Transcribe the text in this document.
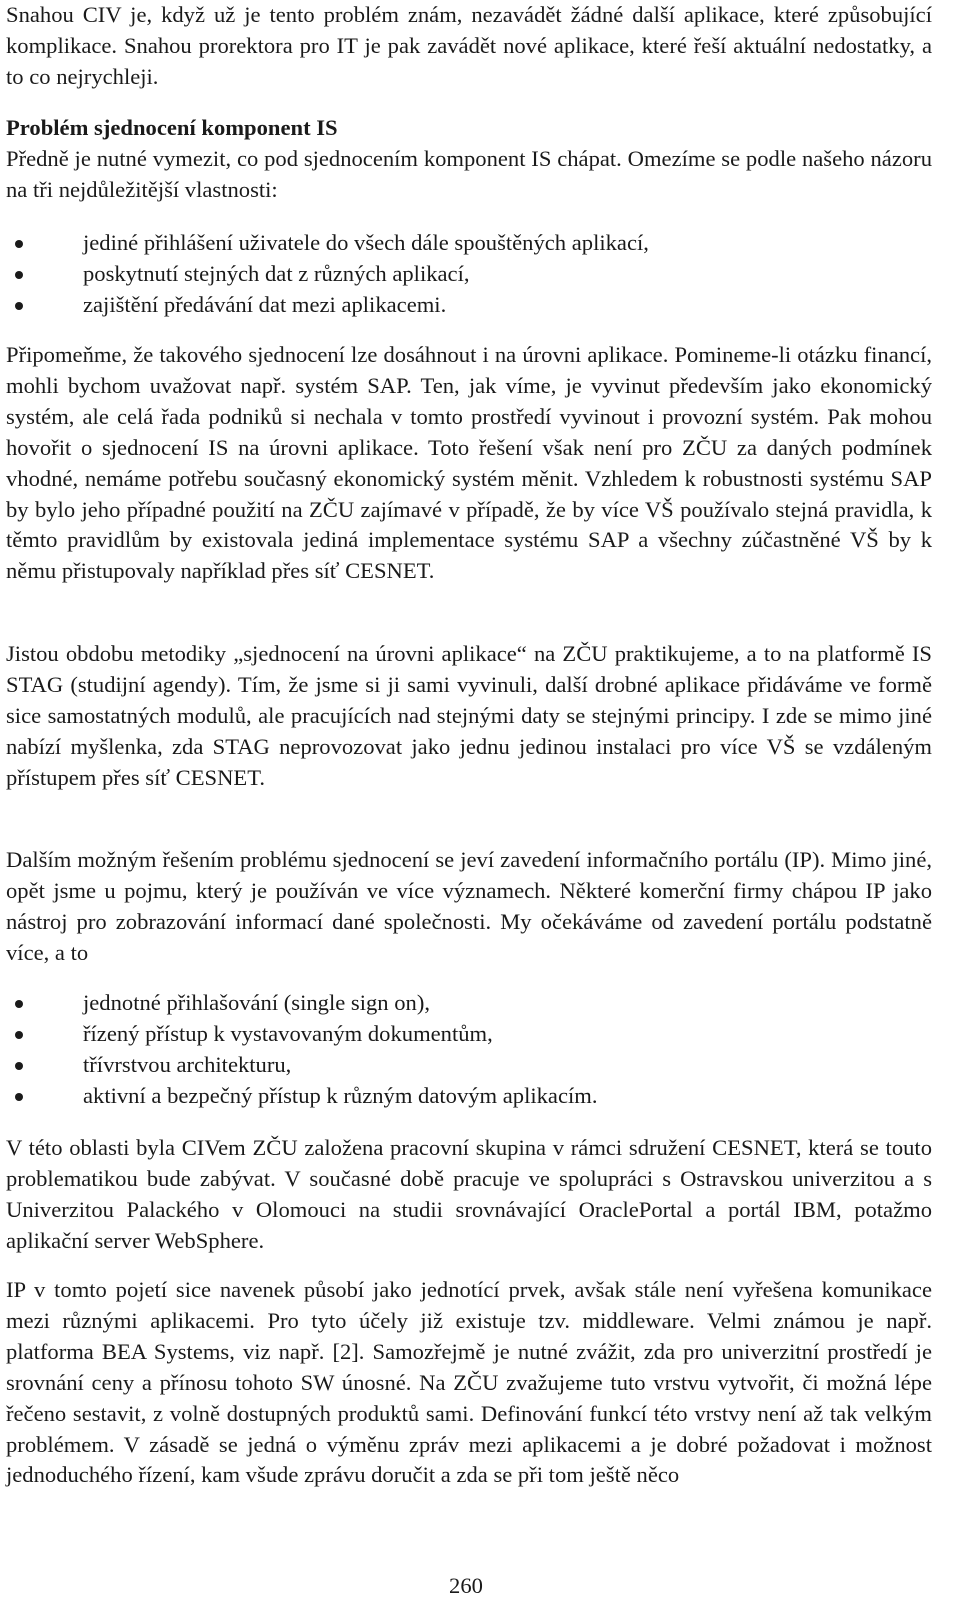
Snahou CIV je, když už je tento problém znám, nezavádět žádné další aplikace, které způsobující komplikace. Snahou prorektora pro IT je pak zavádět nové aplikace, které řeší aktuální nedostatky, a to co nejrychleji.

Problém sjednocení komponent IS

Předně je nutné vymezit, co pod sjednocením komponent IS chápat. Omezíme se podle našeho názoru na tři nejdůležitější vlastnosti:

jediné přihlášení uživatele do všech dále spouštěných aplikací,
poskytnutí stejných dat z různých aplikací,
zajištění předávání dat mezi aplikacemi.

Připomeňme, že takového sjednocení lze dosáhnout i na úrovni aplikace. Pomineme-li otázku financí, mohli bychom uvažovat např. systém SAP. Ten, jak víme, je vyvinut především jako ekonomický systém, ale celá řada podniků si nechala v tomto prostředí vyvinout i provozní systém. Pak mohou hovořit o sjednocení IS na úrovni aplikace. Toto řešení však není pro ZČU za daných podmínek vhodné, nemáme potřebu současný ekonomický systém měnit. Vzhledem k robustnosti systému SAP by bylo jeho případné použití na ZČU zajímavé v případě, že by více VŠ používalo stejná pravidla, k těmto pravidlům by existovala jediná implementace systému SAP a všechny zúčastněné VŠ by k němu přistupovaly například přes síť CESNET.

Jistou obdobu metodiky „sjednocení na úrovni aplikace“ na ZČU praktikujeme, a to na platformě IS STAG (studijní agendy). Tím, že jsme si ji sami vyvinuli, další drobné aplikace přidáváme ve formě sice samostatných modulů, ale pracujících nad stejnými daty se stejnými principy. I zde se mimo jiné nabízí myšlenka, zda STAG neprovozovat jako jednu jedinou instalaci pro více VŠ se vzdáleným přístupem přes síť CESNET.

Dalším možným řešením problému sjednocení se jeví zavedení informačního portálu (IP). Mimo jiné, opět jsme u pojmu, který je používán ve více významech. Některé komerční firmy chápou IP jako nástroj pro zobrazování informací dané společnosti. My očekáváme od zavedení portálu podstatně více, a to

jednotné přihlašování (single sign on),
řízený přístup k vystavovaným dokumentům,
třívrstvou architekturu,
aktivní a bezpečný přístup k různým datovým aplikacím.

V této oblasti byla CIVem ZČU založena pracovní skupina v rámci sdružení CESNET, která se touto problematikou bude zabývat. V současné době pracuje ve spolupráci s Ostravskou univerzitou a s Univerzitou Palackého v Olomouci na studii srovnávající OraclePortal a portál IBM, potažmo aplikační server WebSphere.

IP v tomto pojetí sice navenek působí jako jednotící prvek, avšak stále není vyřešena komunikace mezi různými aplikacemi. Pro tyto účely již existuje tzv. middleware. Velmi známou je např. platforma BEA Systems, viz např. [2]. Samozřejmě je nutné zvážit, zda pro univerzitní prostředí je srovnání ceny a přínosu tohoto SW únosné. Na ZČU zvažujeme tuto vrstvu vytvořit, či možná lépe řečeno sestavit, z volně dostupných produktů sami. Definování funkcí této vrstvy není až tak velkým problémem. V zásadě se jedná o výměnu zpráv mezi aplikacemi a je dobré požadovat i možnost jednoduchého řízení, kam všude zprávu doručit a zda se při tom ještě něco

260
